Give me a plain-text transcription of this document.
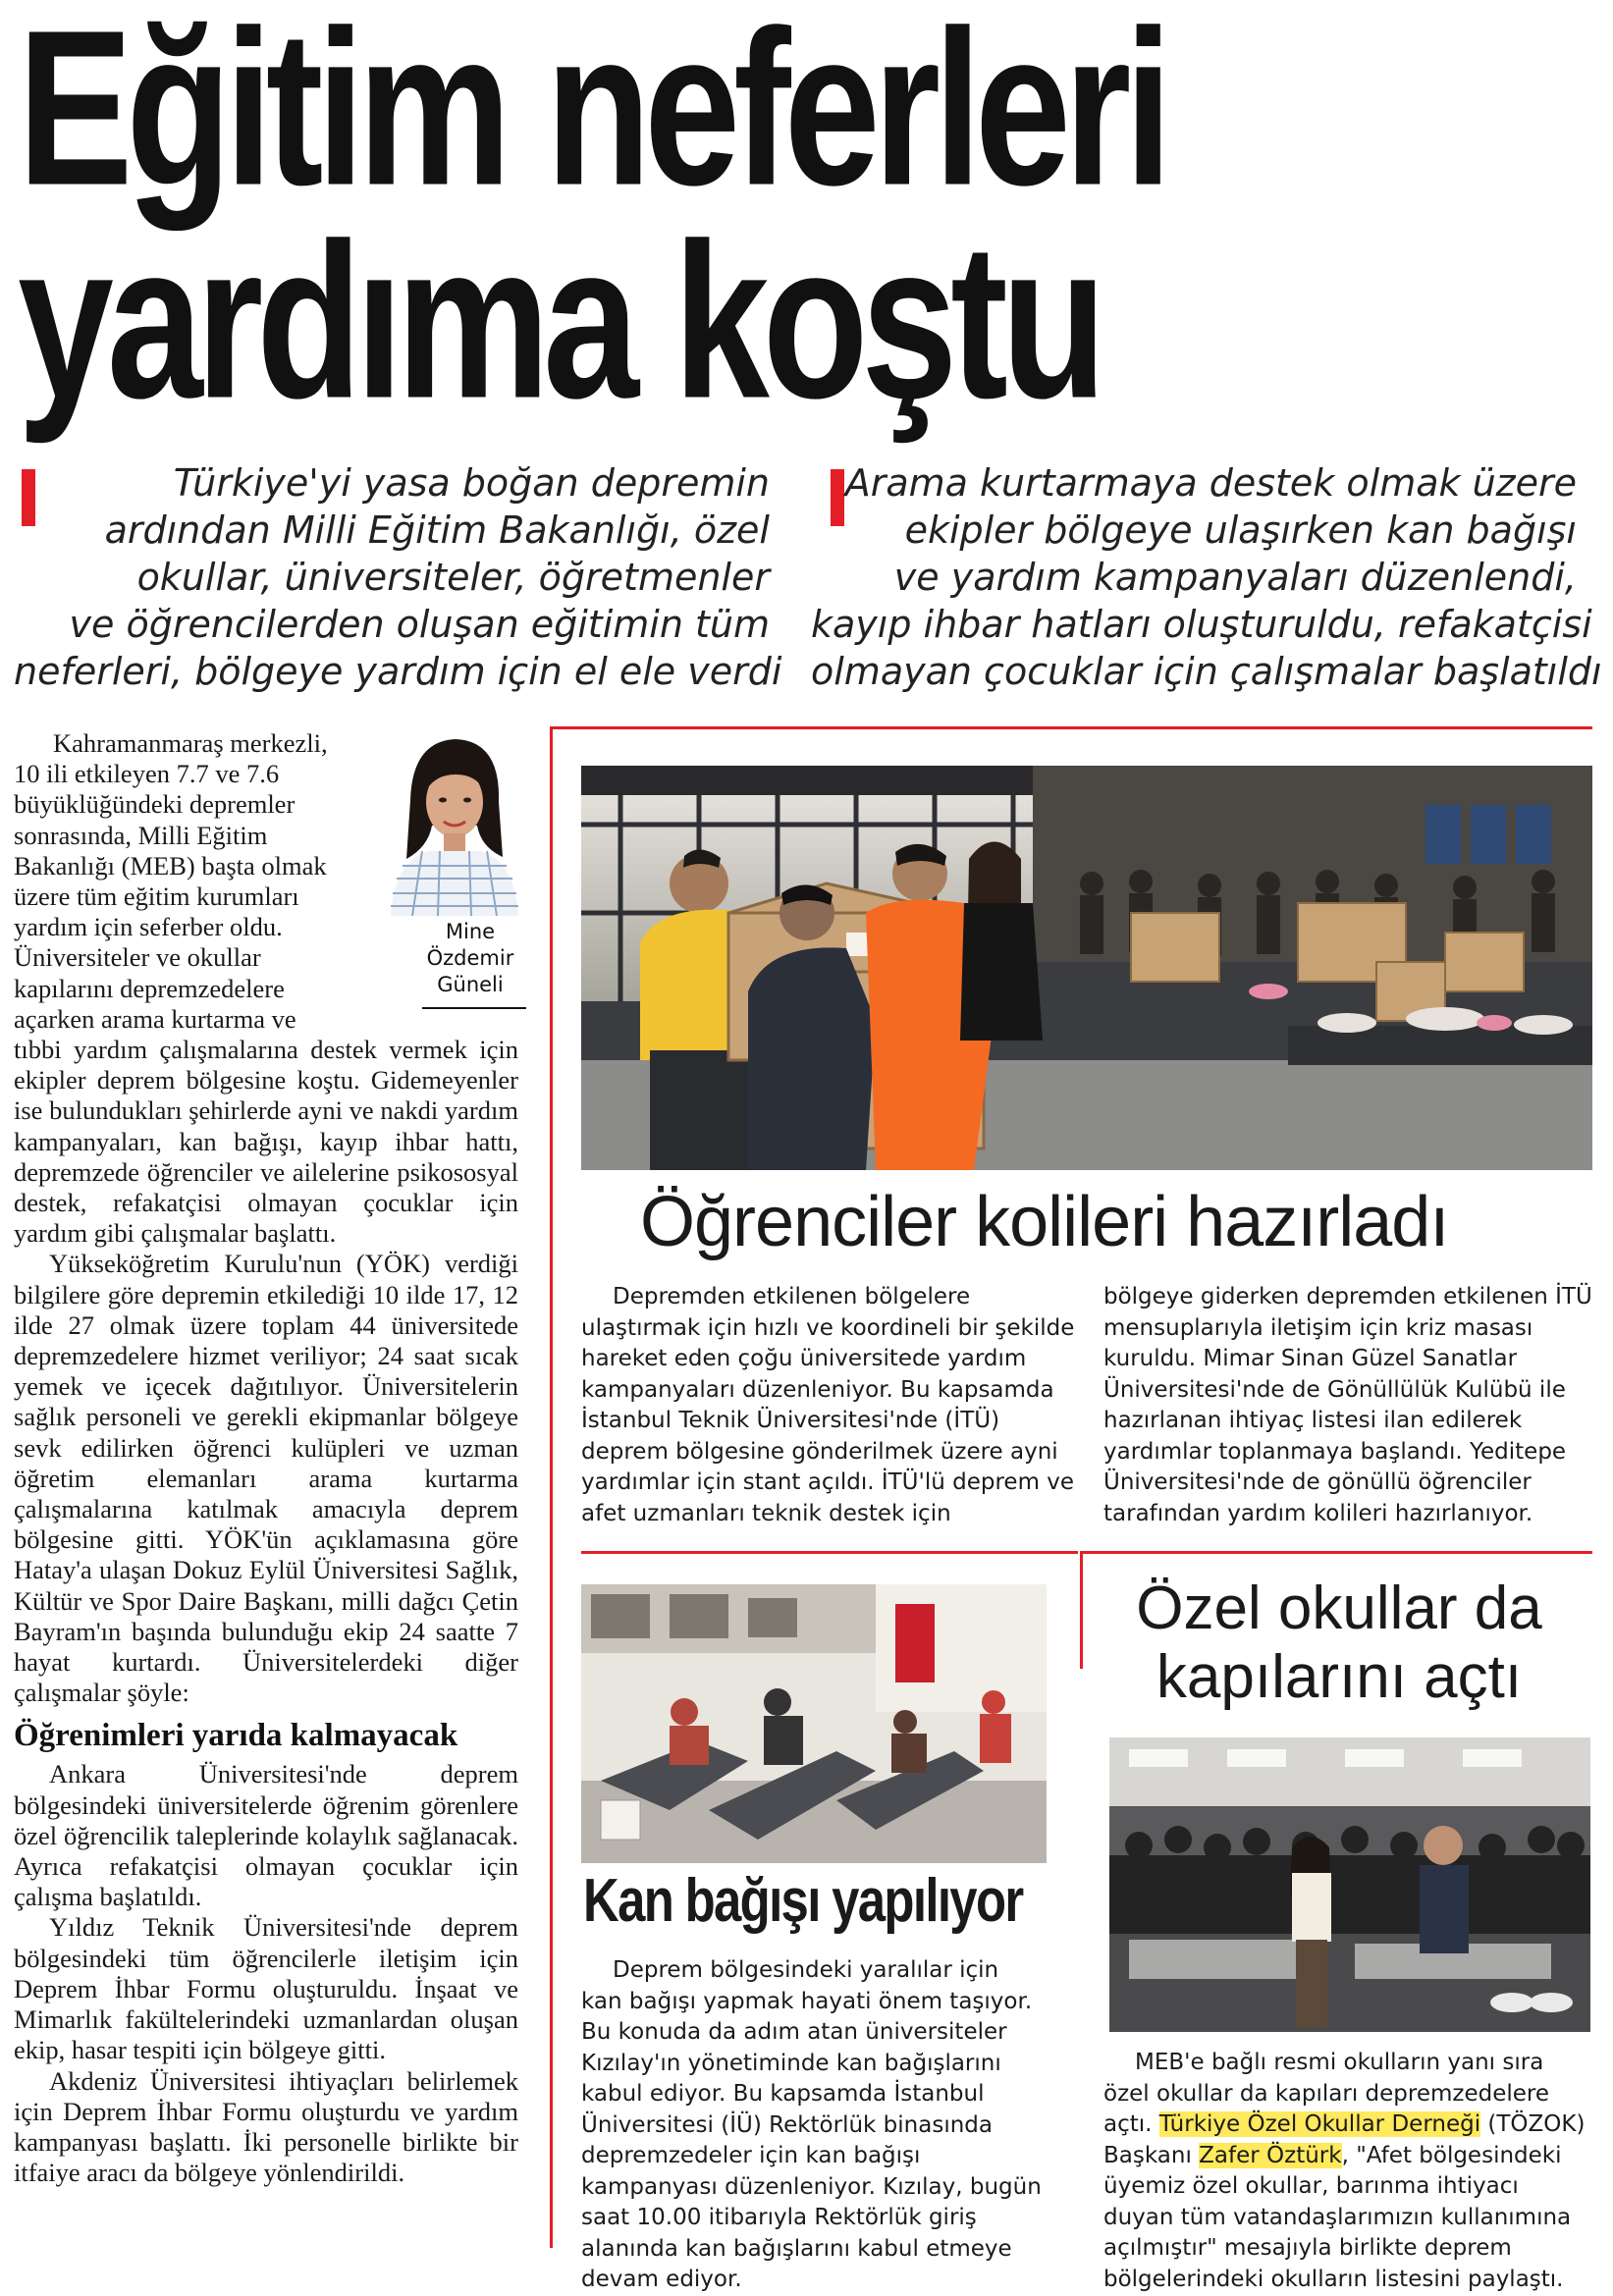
Eğitim neferleri
yardıma koştu
Türkiye'yi yasa boğan depremin
ardından Milli Eğitim Bakanlığı, özel
okullar, üniversiteler, öğretmenler
ve öğrencilerden oluşan eğitimin tüm
neferleri, bölgeye yardım için el ele verdi
Arama kurtarmaya destek olmak üzere
ekipler bölgeye ulaşırken kan bağışı
ve yardım kampanyaları düzenlendi,
kayıp ihbar hatları oluşturuldu, refakatçisi
olmayan çocuklar için çalışmalar başlatıldı
Mine
Özdemir
Güneli
Kahramanmaraş merkezli,
10 ili etkileyen 7.7 ve 7.6
büyüklüğündeki depremler
sonrasında, Milli Eğitim
Bakanlığı (MEB) başta olmak
üzere tüm eğitim kurumları
yardım için seferber oldu.
Üniversiteler ve okullar
kapılarını depremzedelere
açarken arama kurtarma ve

tıbbi yardım çalışmalarına destek vermek için ekipler deprem bölgesine koştu. Gidemeyenler ise bulundukları şehirlerde ayni ve nakdi yardım kampanyaları, kan bağışı, kayıp ihbar hattı, depremzede öğrenciler ve ailelerine psikososyal destek, refakatçisi olmayan çocuklar için yardım gibi çalışmalar başlattı.

Yükseköğretim Kurulu'nun (YÖK) verdiği bilgilere göre depremin etkilediği 10 ilde 17, 12 ilde 27 olmak üzere toplam 44 üniversitede depremzedelere hizmet veriliyor; 24 saat sıcak yemek ve içecek dağıtılıyor. Üniversitelerin sağlık personeli ve gerekli ekipmanlar bölgeye sevk edilirken öğrenci kulüpleri ve uzman öğretim elemanları arama kurtarma çalışmalarına katılmak amacıyla deprem bölgesine gitti. YÖK'ün açıklamasına göre Hatay'a ulaşan Dokuz Eylül Üniversitesi Sağlık, Kültür ve Spor Daire Başkanı, milli dağcı Çetin Bayram'ın başında bulunduğu ekip 24 saatte 7 hayat kurtardı. Üniversitelerdeki diğer çalışmalar şöyle:

Öğrenimleri yarıda kalmayacak

Ankara Üniversitesi'nde deprem bölgesindeki üniversitelerde öğrenim görenlere özel öğrencilik taleplerinde kolaylık sağlanacak. Ayrıca refakatçisi olmayan çocuklar için çalışma başlatıldı.

Yıldız Teknik Üniversitesi'nde deprem bölgesindeki tüm öğrencilerle iletişim için Deprem İhbar Formu oluşturuldu. İnşaat ve Mimarlık fakültelerindeki uzmanlardan oluşan ekip, hasar tespiti için bölgeye gitti.

Akdeniz Üniversitesi ihtiyaçları belirlemek için Deprem İhbar Formu oluşturdu ve yardım kampanyası başlattı. İki personelle birlikte bir itfaiye aracı da bölgeye yönlendirildi.

Öğrenciler kolileri hazırladı

Depremden etkilenen bölgelere ulaştırmak için hızlı ve koordineli bir şekilde hareket eden çoğu üniversitede yardım kampanyaları düzenleniyor. Bu kapsamda İstanbul Teknik Üniversitesi'nde (İTÜ) deprem bölgesine gönderilmek üzere ayni yardımlar için stant açıldı. İTÜ'lü deprem ve afet uzmanları teknik destek için

bölgeye giderken depremden etkilenen İTÜ mensuplarıyla iletişim için kriz masası kuruldu. Mimar Sinan Güzel Sanatlar Üniversitesi'nde de Gönüllülük Kulübü ile hazırlanan ihtiyaç listesi ilan edilerek yardımlar toplanmaya başlandı. Yeditepe Üniversitesi'nde de gönüllü öğrenciler tarafından yardım kolileri hazırlanıyor.

Kan bağışı yapılıyor

Deprem bölgesindeki yaralılar için kan bağışı yapmak hayati önem taşıyor. Bu konuda da adım atan üniversiteler Kızılay'ın yönetiminde kan bağışlarını kabul ediyor. Bu kapsamda İstanbul Üniversitesi (İÜ) Rektörlük binasında depremzedeler için kan bağışı kampanyası düzenleniyor. Kızılay, bugün saat 10.00 itibarıyla Rektörlük giriş alanında kan bağışlarını kabul etmeye devam ediyor.

Özel okullar da
kapılarını açtı

MEB'e bağlı resmi okulların yanı sıra özel okullar da kapıları depremzedelere açtı. Türkiye Özel Okullar Derneği (TÖZOK) Başkanı Zafer Öztürk, "Afet bölgesindeki üyemiz özel okullar, barınma ihtiyacı duyan tüm vatandaşlarımızın kullanımına açılmıştır" mesajıyla birlikte deprem bölgelerindeki okulların listesini paylaştı.
